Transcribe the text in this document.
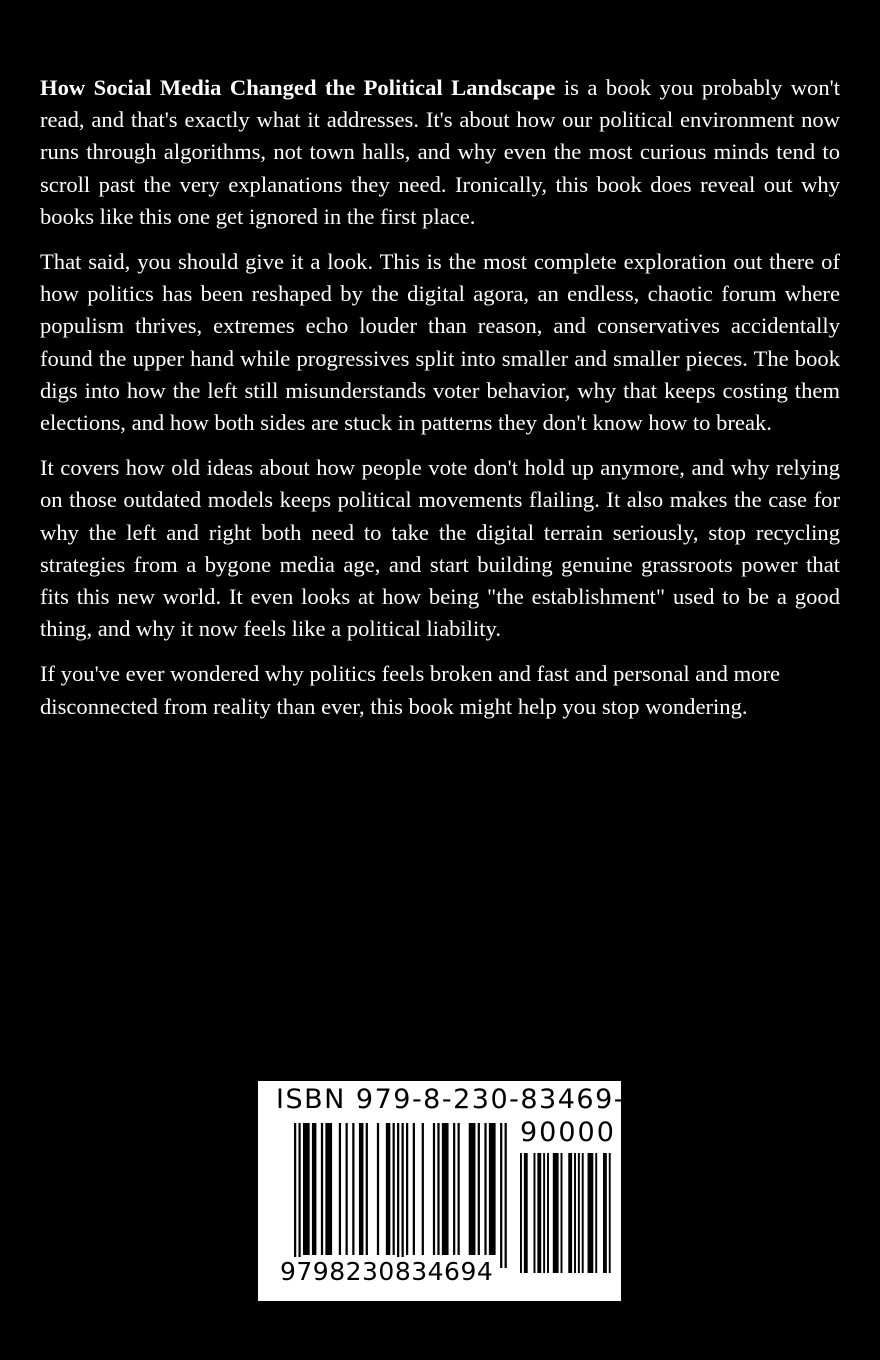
How Social Media Changed the Political Landscape is a book you probably won't read, and that's exactly what it addresses. It's about how our political environment now runs through algorithms, not town halls, and why even the most curious minds tend to scroll past the very explanations they need. Ironically, this book does reveal out why books like this one get ignored in the first place.

That said, you should give it a look. This is the most complete exploration out there of how politics has been reshaped by the digital agora, an endless, chaotic forum where populism thrives, extremes echo louder than reason, and conservatives accidentally found the upper hand while progressives split into smaller and smaller pieces. The book digs into how the left still misunderstands voter behavior, why that keeps costing them elections, and how both sides are stuck in patterns they don't know how to break.

It covers how old ideas about how people vote don't hold up anymore, and why relying on those outdated models keeps political movements flailing. It also makes the case for why the left and right both need to take the digital terrain seriously, stop recycling strategies from a bygone media age, and start building genuine grassroots power that fits this new world. It even looks at how being "the establishment" used to be a good thing, and why it now feels like a political liability.

If you've ever wondered why politics feels broken and fast and personal and more disconnected from reality than ever, this book might help you stop wondering.

ISBN 979-8-230-83469-4
90000
9798230834694
